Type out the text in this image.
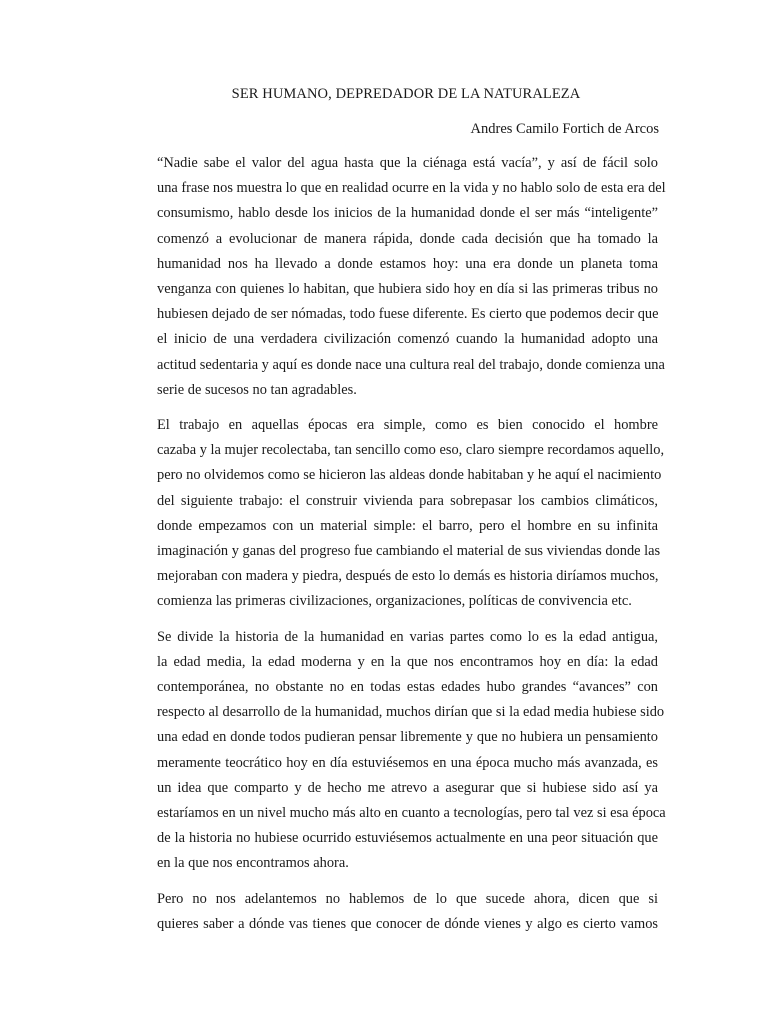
SER HUMANO, DEPREDADOR DE LA NATURALEZA
Andres Camilo Fortich de Arcos

“Nadie sabe el valor del agua hasta que la ciénaga está vacía”, y así de fácil solo
una frase nos muestra lo que en realidad ocurre en la vida y no hablo solo de esta era del
consumismo, hablo desde los inicios de la humanidad donde el ser más “inteligente”
comenzó a evolucionar de manera rápida, donde cada decisión que ha tomado la
humanidad nos ha llevado a donde estamos hoy: una era donde un planeta toma
venganza con quienes lo habitan, que hubiera sido hoy en día si las primeras tribus no
hubiesen dejado de ser nómadas, todo fuese diferente. Es cierto que podemos decir que
el inicio de una verdadera civilización comenzó cuando la humanidad adopto una
actitud sedentaria y aquí es donde nace una cultura real del trabajo, donde comienza una
serie de sucesos no tan agradables.

El trabajo en aquellas épocas era simple, como es bien conocido el hombre
cazaba y la mujer recolectaba, tan sencillo como eso, claro siempre recordamos aquello,
pero no olvidemos como se hicieron las aldeas donde habitaban y he aquí el nacimiento
del siguiente trabajo: el construir vivienda para sobrepasar los cambios climáticos,
donde empezamos con un material simple: el barro, pero el hombre en su infinita
imaginación y ganas del progreso fue cambiando el material de sus viviendas donde las
mejoraban con madera y piedra, después de esto lo demás es historia diríamos muchos,
comienza las primeras civilizaciones, organizaciones, políticas de convivencia etc.

Se divide la historia de la humanidad en varias partes como lo es la edad antigua,
la edad media, la edad moderna y en la que nos encontramos hoy en día: la edad
contemporánea, no obstante no en todas estas edades hubo grandes “avances” con
respecto al desarrollo de la humanidad, muchos dirían que si la edad media hubiese sido
una edad en donde todos pudieran pensar libremente y que no hubiera un pensamiento
meramente teocrático hoy en día estuviésemos en una época mucho más avanzada, es
un idea que comparto y de hecho me atrevo a asegurar que si hubiese sido así ya
estaríamos en un nivel mucho más alto en cuanto a tecnologías, pero tal vez si esa época
de la historia no hubiese ocurrido estuviésemos actualmente en una peor situación que
en la que nos encontramos ahora.

Pero no nos adelantemos no hablemos de lo que sucede ahora, dicen que si
quieres saber a dónde vas tienes que conocer de dónde vienes y algo es cierto vamos
